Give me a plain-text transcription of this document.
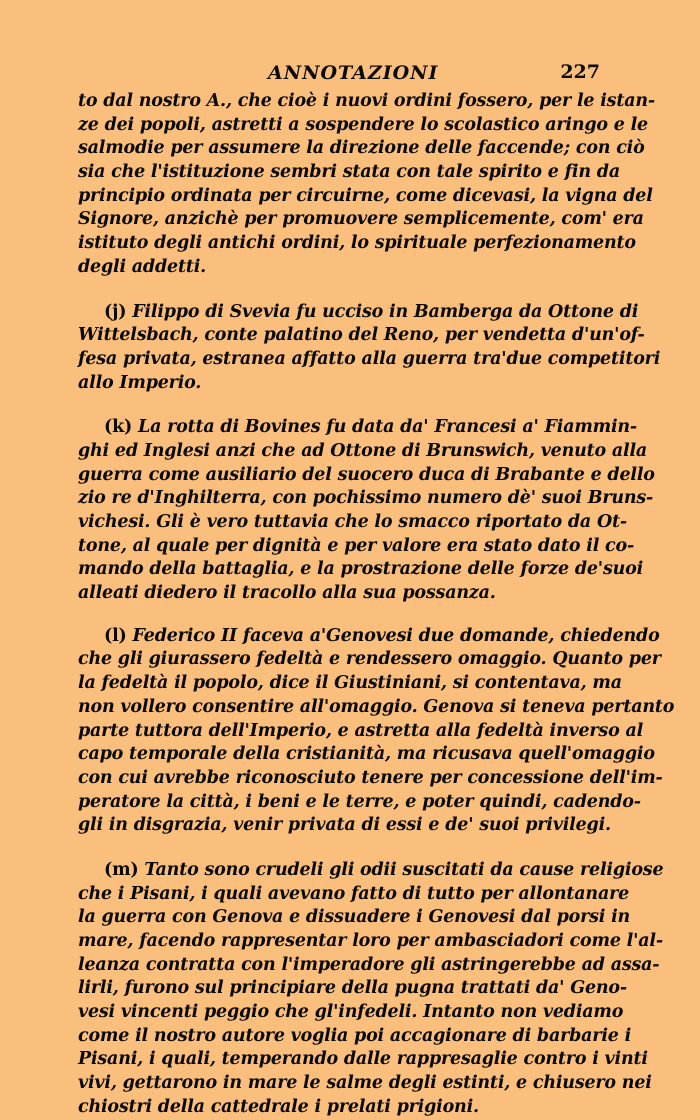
ANNOTAZIONI	227
to dal nostro A., che cioè i nuovi ordini fossero, per le istan-
ze dei popoli, astretti a sospendere lo scolastico aringo e le
salmodie per assumere la direzione delle faccende; con ciò
sia che l'istituzione sembri stata con tale spirito e fin da
principio ordinata per circuirne, come dicevasi, la vigna del
Signore, anzichè per promuovere semplicemente, com' era
istituto degli antichi ordini, lo spirituale perfezionamento
degli addetti.
(j) Filippo di Svevia fu ucciso in Bamberga da Ottone di
Wittelsbach, conte palatino del Reno, per vendetta d'un'of-
fesa privata, estranea affatto alla guerra tra'due competitori
allo Imperio.
(k) La rotta di Bovines fu data da' Francesi a' Fiammin-
ghi ed Inglesi anzi che ad Ottone di Brunswich, venuto alla
guerra come ausiliario del suocero duca di Brabante e dello
zio re d'Inghilterra, con pochissimo numero dè' suoi Bruns-
vichesi. Gli è vero tuttavia che lo smacco riportato da Ot-
tone, al quale per dignità e per valore era stato dato il co-
mando della battaglia, e la prostrazione delle forze de'suoi
alleati diedero il tracollo alla sua possanza.
(l) Federico II faceva a'Genovesi due domande, chiedendo
che gli giurassero fedeltà e rendessero omaggio. Quanto per
la fedeltà il popolo, dice il Giustiniani, si contentava, ma
non vollero consentire all'omaggio. Genova si teneva pertanto
parte tuttora dell'Imperio, e astretta alla fedeltà inverso al
capo temporale della cristianità, ma ricusava quell'omaggio
con cui avrebbe riconosciuto tenere per concessione dell'im-
peratore la città, i beni e le terre, e poter quindi, cadendo-
gli in disgrazia, venir privata di essi e de' suoi privilegi.
(m) Tanto sono crudeli gli odii suscitati da cause religiose
che i Pisani, i quali avevano fatto di tutto per allontanare
la guerra con Genova e dissuadere i Genovesi dal porsi in
mare, facendo rappresentar loro per ambasciadori come l'al-
leanza contratta con l'imperadore gli astringerebbe ad assa-
lirli, furono sul principiare della pugna trattati da' Geno-
vesi vincenti peggio che gl'infedeli. Intanto non vediamo
come il nostro autore voglia poi accagionare di barbarie i
Pisani, i quali, temperando dalle rappresaglie contro i vinti
vivi, gettarono in mare le salme degli estinti, e chiusero nei
chiostri della cattedrale i prelati prigioni.
